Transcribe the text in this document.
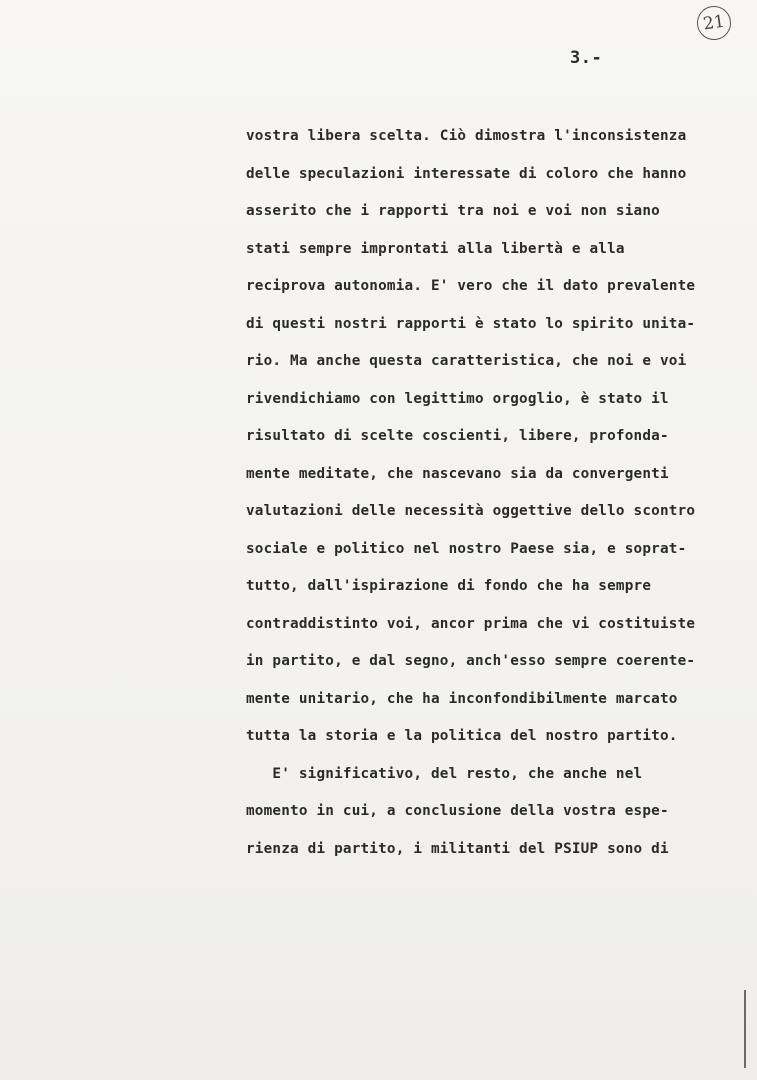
21
3.-
vostra libera scelta. Ciò dimostra l'inconsistenza
delle speculazioni interessate di coloro che hanno
asserito che i rapporti tra noi e voi non siano
stati sempre improntati alla libertà e alla
reciprova autonomia. E' vero che il dato prevalente
di questi nostri rapporti è stato lo spirito unita-
rio. Ma anche questa caratteristica, che noi e voi
rivendichiamo con legittimo orgoglio, è stato il
risultato di scelte coscienti, libere, profonda-
mente meditate, che nascevano sia da convergenti
valutazioni delle necessità oggettive dello scontro
sociale e politico nel nostro Paese sia, e soprat-
tutto, dall'ispirazione di fondo che ha sempre
contraddistinto voi, ancor prima che vi costituiste
in partito, e dal segno, anch'esso sempre coerente-
mente unitario, che ha inconfondibilmente marcato
tutta la storia e la politica del nostro partito.
E' significativo, del resto, che anche nel
momento in cui, a conclusione della vostra espe-
rienza di partito, i militanti del PSIUP sono di
